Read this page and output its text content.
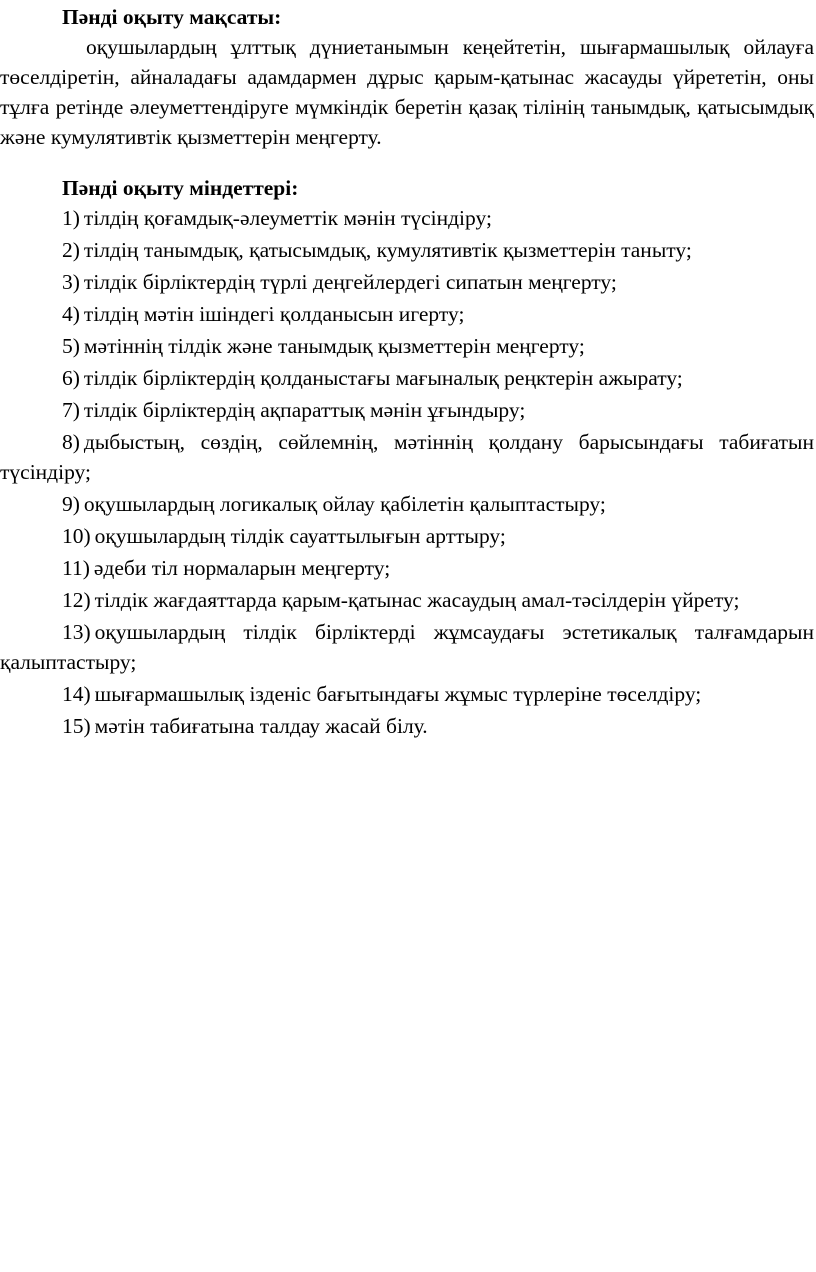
Пәнді оқыту мақсаты:

оқушылардың ұлттық дүниетанымын кеңейтетін, шығармашылық ойлауға төселдіретін, айналадағы адамдармен дұрыс қарым-қатынас жасауды үйрететін, оны тұлға ретінде әлеуметтендіруге мүмкіндік беретін қазақ тілінің танымдық, қатысымдық және кумулятивтік қызметтерін меңгерту.

Пәнді оқыту міндеттері:

1) тілдің қоғамдық-әлеуметтік мәнін түсіндіру;
2) тілдің танымдық, қатысымдық, кумулятивтік қызметтерін таныту;
3) тілдік бірліктердің түрлі деңгейлердегі сипатын меңгерту;
4) тілдің мәтін ішіндегі қолданысын игерту;
5) мәтіннің тілдік және танымдық қызметтерін меңгерту;
6) тілдік бірліктердің қолданыстағы мағыналық реңктерін ажырату;
7) тілдік бірліктердің ақпараттық мәнін ұғындыру;
8) дыбыстың, сөздің, сөйлемнің, мәтіннің қолдану барысындағы табиғатын түсіндіру;
9) оқушылардың логикалық ойлау қабілетін қалыптастыру;
10) оқушылардың тілдік сауаттылығын арттыру;
11) әдеби тіл нормаларын меңгерту;
12) тілдік жағдаяттарда қарым-қатынас жасаудың амал-тәсілдерін үйрету;
13) оқушылардың тілдік бірліктерді жұмсаудағы эстетикалық талғамдарын қалыптастыру;
14) шығармашылық ізденіс бағытындағы жұмыс түрлеріне төселдіру;
15) мәтін табиғатына талдау жасай білу.
